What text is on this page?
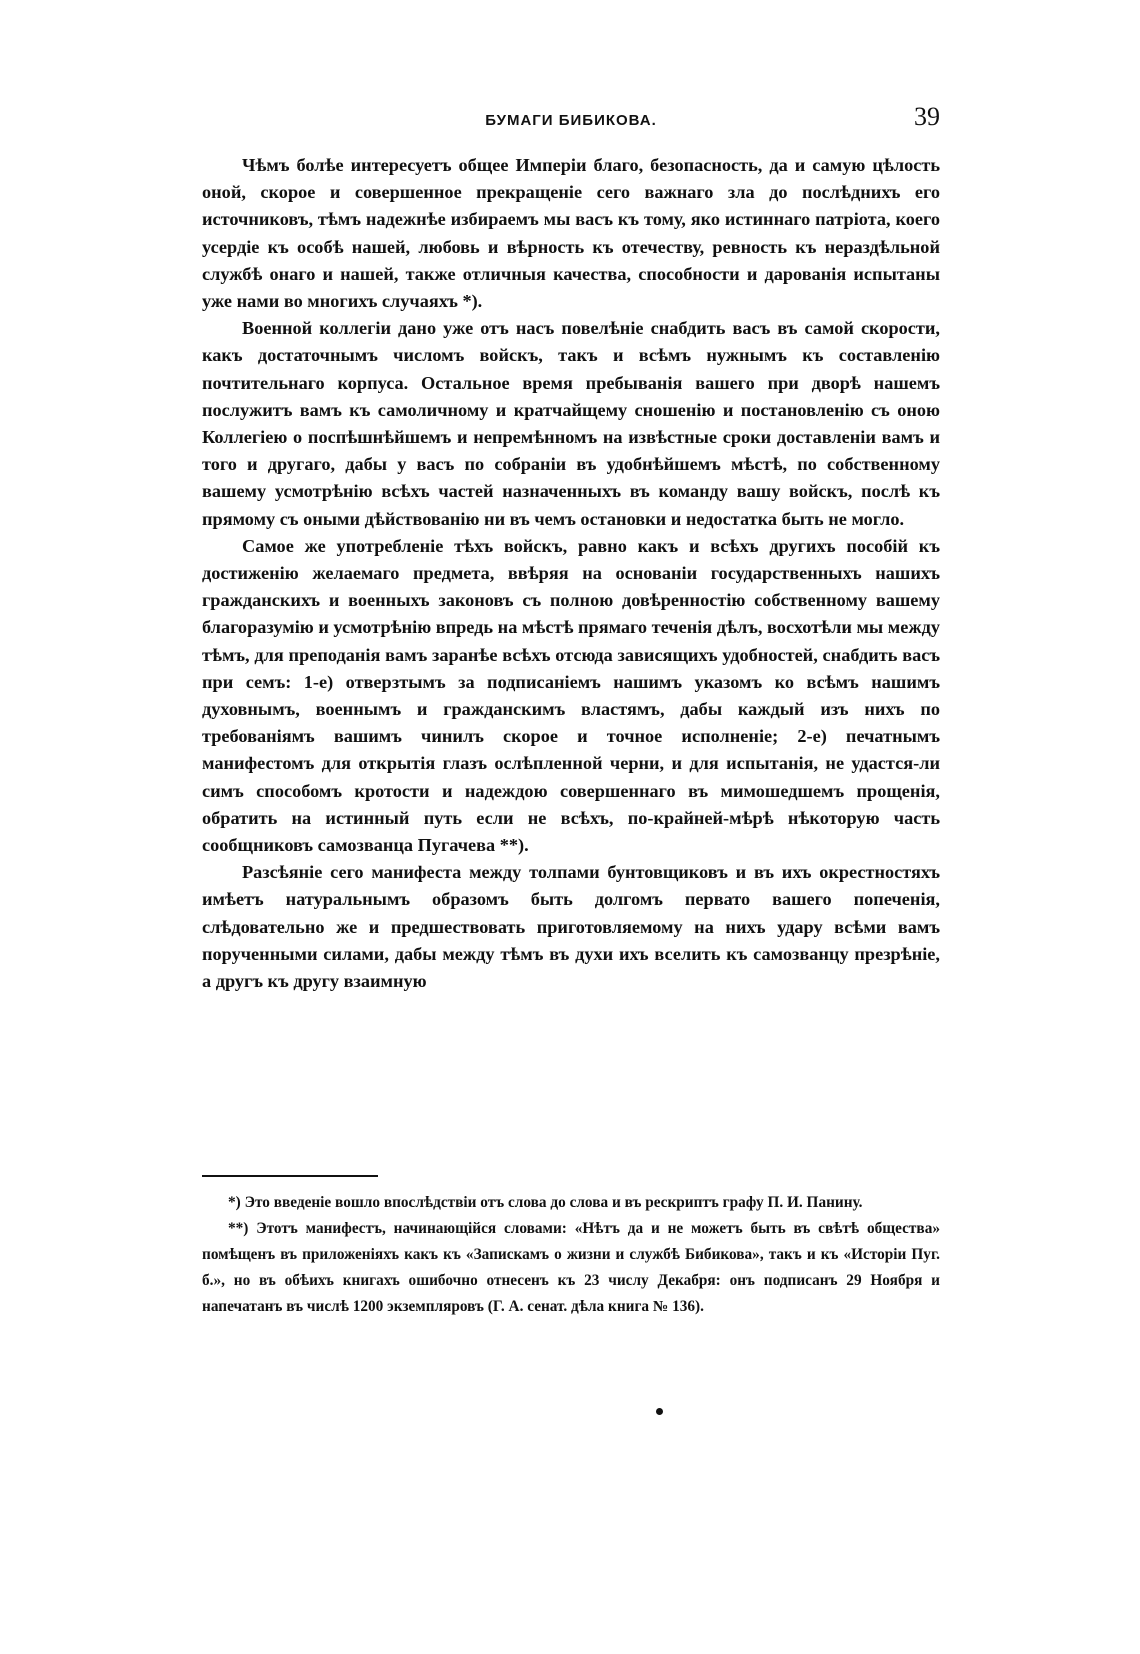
БУМАГИ БИБИКОВА.	39

Чѣмъ болѣе интересуетъ общее Имперiи благо, безопасность, да и самую цѣлость оной, скорое и совершенное прекращенiе сего важнаго зла до послѣднихъ его источниковъ, тѣмъ надежнѣе избираемъ мы васъ къ тому, яко истиннаго патрiота, коего усердiе къ особѣ нашей, любовь и вѣрность къ отечеству, ревность къ нераздѣльной службѣ онаго и нашей, также отличныя качества, способности и дарованiя испытаны уже нами во многихъ случаяхъ *).

Военной коллегiи дано уже отъ насъ повелѣнiе снабдить васъ въ самой скорости, какъ достаточнымъ числомъ войскъ, такъ и всѣмъ нужнымъ къ составленiю почтительнаго корпуса. Остальное время пребыванiя вашего при дворѣ нашемъ послужитъ вамъ къ самоличному и кратчайщему сношенiю и постановленiю съ оною Коллегiею о поспѣшнѣйшемъ и непремѣнномъ на извѣстные сроки доставленiи вамъ и того и другаго, дабы у васъ по собранiи въ удобнѣйшемъ мѣстѣ, по собственному вашему усмотрѣнiю всѣхъ частей назначенныхъ въ команду вашу войскъ, послѣ къ прямому съ оными дѣйствованiю ни въ чемъ остановки и недостатка быть не могло.

Самое же употребленiе тѣхъ войскъ, равно какъ и всѣхъ другихъ пособiй къ достиженiю желаемаго предмета, ввѣряя на основанiи государственныхъ нашихъ гражданскихъ и военныхъ законовъ съ полною довѣренностiю собственному вашему благоразумiю и усмотрѣнiю впредь на мѣстѣ прямаго теченiя дѣлъ, восхотѣли мы между тѣмъ, для преподанiя вамъ заранѣе всѣхъ отсюда зависящихъ удобностей, снабдить васъ при семъ: 1-е) отверзтымъ за подписанiемъ нашимъ указомъ ко всѣмъ нашимъ духовнымъ, военнымъ и гражданскимъ властямъ, дабы каждый изъ нихъ по требованiямъ вашимъ чинилъ скорое и точное исполненiе; 2-е) печатнымъ манифестомъ для открытiя глазъ ослѣпленной черни, и для испытанiя, не удастся-ли симъ способомъ кротости и надеждою совершеннаго въ мимошедшемъ прощенiя, обратить на истинный путь если не всѣхъ, по-крайней-мѣрѣ нѣкоторую часть сообщниковъ самозванца Пугачева **).

Разсѣянiе сего манифеста между толпами бунтовщиковъ и въ ихъ окрестностяхъ имѣетъ натуральнымъ образомъ быть долгомъ первато вашего попеченiя, слѣдовательно же и предшествовать приготовляемому на нихъ удару всѣми вамъ порученными силами, дабы между тѣмъ въ духи ихъ вселить къ самозванцу презрѣнiе, а другъ къ другу взаимную

*) Это введенiе вошло впослѣдствiи отъ слова до слова и въ рескриптъ графу П. И. Панину.

**) Этотъ манифестъ, начинающiйся словами: «Нѣтъ да и не можетъ быть въ свѣтѣ общества» помѣщенъ въ приложенiяхъ какъ къ «Запискамъ о жизни и службѣ Бибикова», такъ и къ «Исторiи Пуг. б.», но въ обѣихъ книгахъ ошибочно отнесенъ къ 23 числу Декабря: онъ подписанъ 29 Ноября и напечатанъ въ числѣ 1200 экземпляровъ (Г. А. сенат. дѣла книга № 136).
